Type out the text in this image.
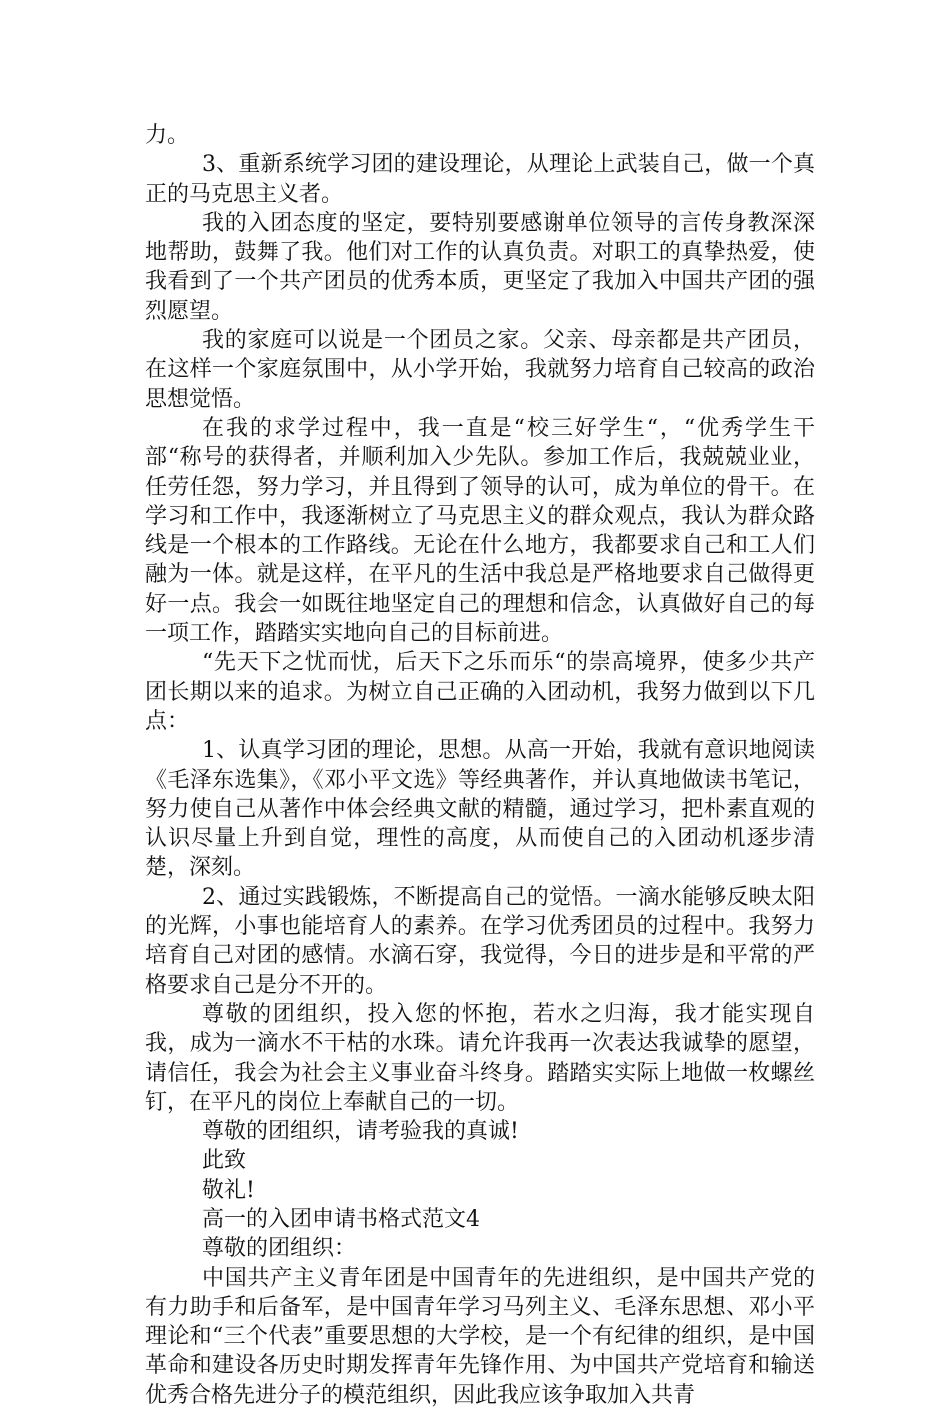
力。

3、重新系统学习团的建设理论，从理论上武装自己，做一个真正的马克思主义者。

我的入团态度的坚定，要特别要感谢单位领导的言传身教深深地帮助，鼓舞了我。他们对工作的认真负责。对职工的真挚热爱，使我看到了一个共产团员的优秀本质，更坚定了我加入中国共产团的强烈愿望。

我的家庭可以说是一个团员之家。父亲、母亲都是共产团员，在这样一个家庭氛围中，从小学开始，我就努力培育自己较高的政治思想觉悟。

在我的求学过程中，我一直是“校三好学生“，“优秀学生干部“称号的获得者，并顺利加入少先队。参加工作后，我兢兢业业，任劳任怨，努力学习，并且得到了领导的认可，成为单位的骨干。在学习和工作中，我逐渐树立了马克思主义的群众观点，我认为群众路线是一个根本的工作路线。无论在什么地方，我都要求自己和工人们融为一体。就是这样，在平凡的生活中我总是严格地要求自己做得更好一点。我会一如既往地坚定自己的理想和信念，认真做好自己的每一项工作，踏踏实实地向自己的目标前进。

“先天下之忧而忧，后天下之乐而乐“的崇高境界，使多少共产团长期以来的追求。为树立自己正确的入团动机，我努力做到以下几点：

1、认真学习团的理论，思想。从高一开始，我就有意识地阅读《毛泽东选集》，《邓小平文选》等经典著作，并认真地做读书笔记，努力使自己从著作中体会经典文献的精髓，通过学习，把朴素直观的认识尽量上升到自觉，理性的高度，从而使自己的入团动机逐步清楚，深刻。

2、通过实践锻炼，不断提高自己的觉悟。一滴水能够反映太阳的光辉，小事也能培育人的素养。在学习优秀团员的过程中。我努力培育自己对团的感情。水滴石穿，我觉得，今日的进步是和平常的严格要求自己是分不开的。

尊敬的团组织，投入您的怀抱，若水之归海，我才能实现自我，成为一滴水不干枯的水珠。请允许我再一次表达我诚挚的愿望，请信任，我会为社会主义事业奋斗终身。踏踏实实际上地做一枚螺丝钉，在平凡的岗位上奉献自己的一切。

尊敬的团组织，请考验我的真诚!

此致

敬礼!

高一的入团申请书格式范文4

尊敬的团组织：

中国共产主义青年团是中国青年的先进组织，是中国共产党的有力助手和后备军，是中国青年学习马列主义、毛泽东思想、邓小平理论和“三个代表”重要思想的大学校，是一个有纪律的组织，是中国革命和建设各历史时期发挥青年先锋作用、为中国共产党培育和输送优秀合格先进分子的模范组织，因此我应该争取加入共青
